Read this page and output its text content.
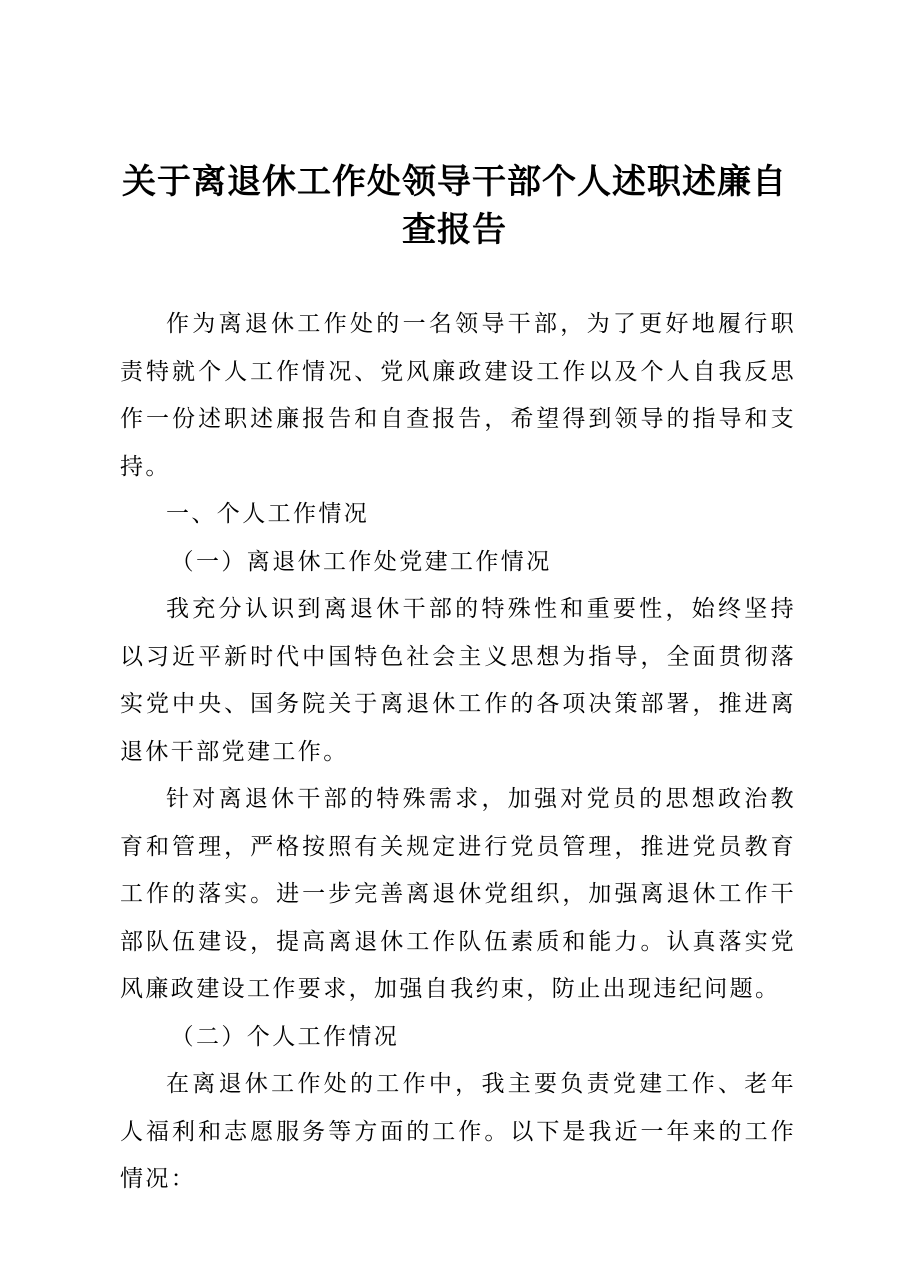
关于离退休工作处领导干部个人述职述廉自查报告

作为离退休工作处的一名领导干部，为了更好地履行职责特就个人工作情况、党风廉政建设工作以及个人自我反思作一份述职述廉报告和自查报告，希望得到领导的指导和支持。

一、个人工作情况

（一）离退休工作处党建工作情况

我充分认识到离退休干部的特殊性和重要性，始终坚持以习近平新时代中国特色社会主义思想为指导，全面贯彻落实党中央、国务院关于离退休工作的各项决策部署，推进离退休干部党建工作。

针对离退休干部的特殊需求，加强对党员的思想政治教育和管理，严格按照有关规定进行党员管理，推进党员教育工作的落实。进一步完善离退休党组织，加强离退休工作干部队伍建设，提高离退休工作队伍素质和能力。认真落实党风廉政建设工作要求，加强自我约束，防止出现违纪问题。

（二）个人工作情况

在离退休工作处的工作中，我主要负责党建工作、老年人福利和志愿服务等方面的工作。以下是我近一年来的工作情况：
